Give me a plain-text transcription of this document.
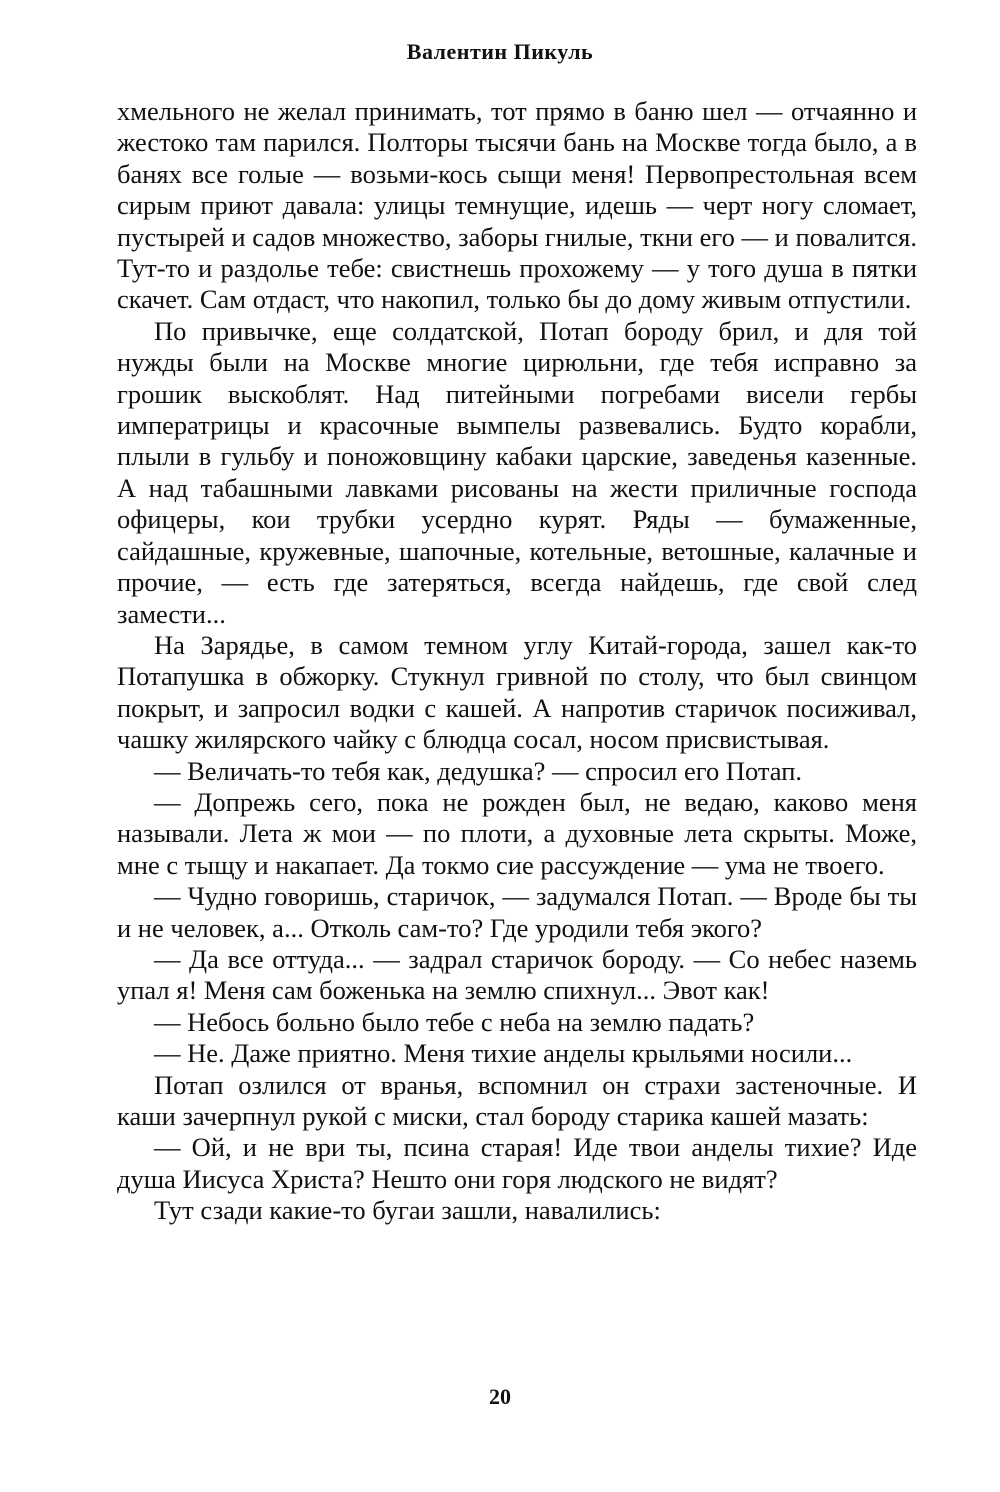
Валентин Пикуль

хмельного не желал принимать, тот прямо в баню шел — отчаянно и жестоко там парился. Полторы тысячи бань на Москве тогда было, а в банях все голые — возьми-кось сыщи меня! Первопрестольная всем сирым приют давала: улицы темнущие, идешь — черт ногу сломает, пустырей и садов множество, заборы гнилые, ткни его — и повалится. Тут-то и раздолье тебе: свистнешь прохожему — у того душа в пятки скачет. Сам отдаст, что накопил, только бы до дому живым отпустили.

По привычке, еще солдатской, Потап бороду брил, и для той нужды были на Москве многие цирюльни, где тебя исправно за грошик выскоблят. Над питейными погребами висели гербы императрицы и красочные вымпелы развевались. Будто корабли, плыли в гульбу и поножовщину кабаки царские, заведенья казенные. А над табашными лавками рисованы на жести приличные господа офицеры, кои трубки усердно курят. Ряды — бумаженные, сайдашные, кружевные, шапочные, котельные, ветошные, калачные и прочие, — есть где затеряться, всегда найдешь, где свой след замести...

На Зарядье, в самом темном углу Китай-города, зашел как-то Потапушка в обжорку. Стукнул гривной по столу, что был свинцом покрыт, и запросил водки с кашей. А напротив старичок посиживал, чашку жилярского чайку с блюдца сосал, носом присвистывая.

— Величать-то тебя как, дедушка? — спросил его Потап.

— Допрежь сего, пока не рожден был, не ведаю, каково меня называли. Лета ж мои — по плоти, а духовные лета скрыты. Може, мне с тыщу и накапает. Да токмо сие рассуждение — ума не твоего.

— Чудно говоришь, старичок, — задумался Потап. — Вроде бы ты и не человек, а... Отколь сам-то? Где уродили тебя экого?

— Да все оттуда... — задрал старичок бороду. — Со небес наземь упал я! Меня сам боженька на землю спихнул... Эвот как!

— Небось больно было тебе с неба на землю падать?

— Не. Даже приятно. Меня тихие анделы крыльями носили...

Потап озлился от вранья, вспомнил он страхи застеночные. И каши зачерпнул рукой с миски, стал бороду старика кашей мазать:

— Ой, и не ври ты, псина старая! Иде твои анделы тихие? Иде душа Иисуса Христа? Нешто они горя людского не видят?

Тут сзади какие-то бугаи зашли, навалились:

20
